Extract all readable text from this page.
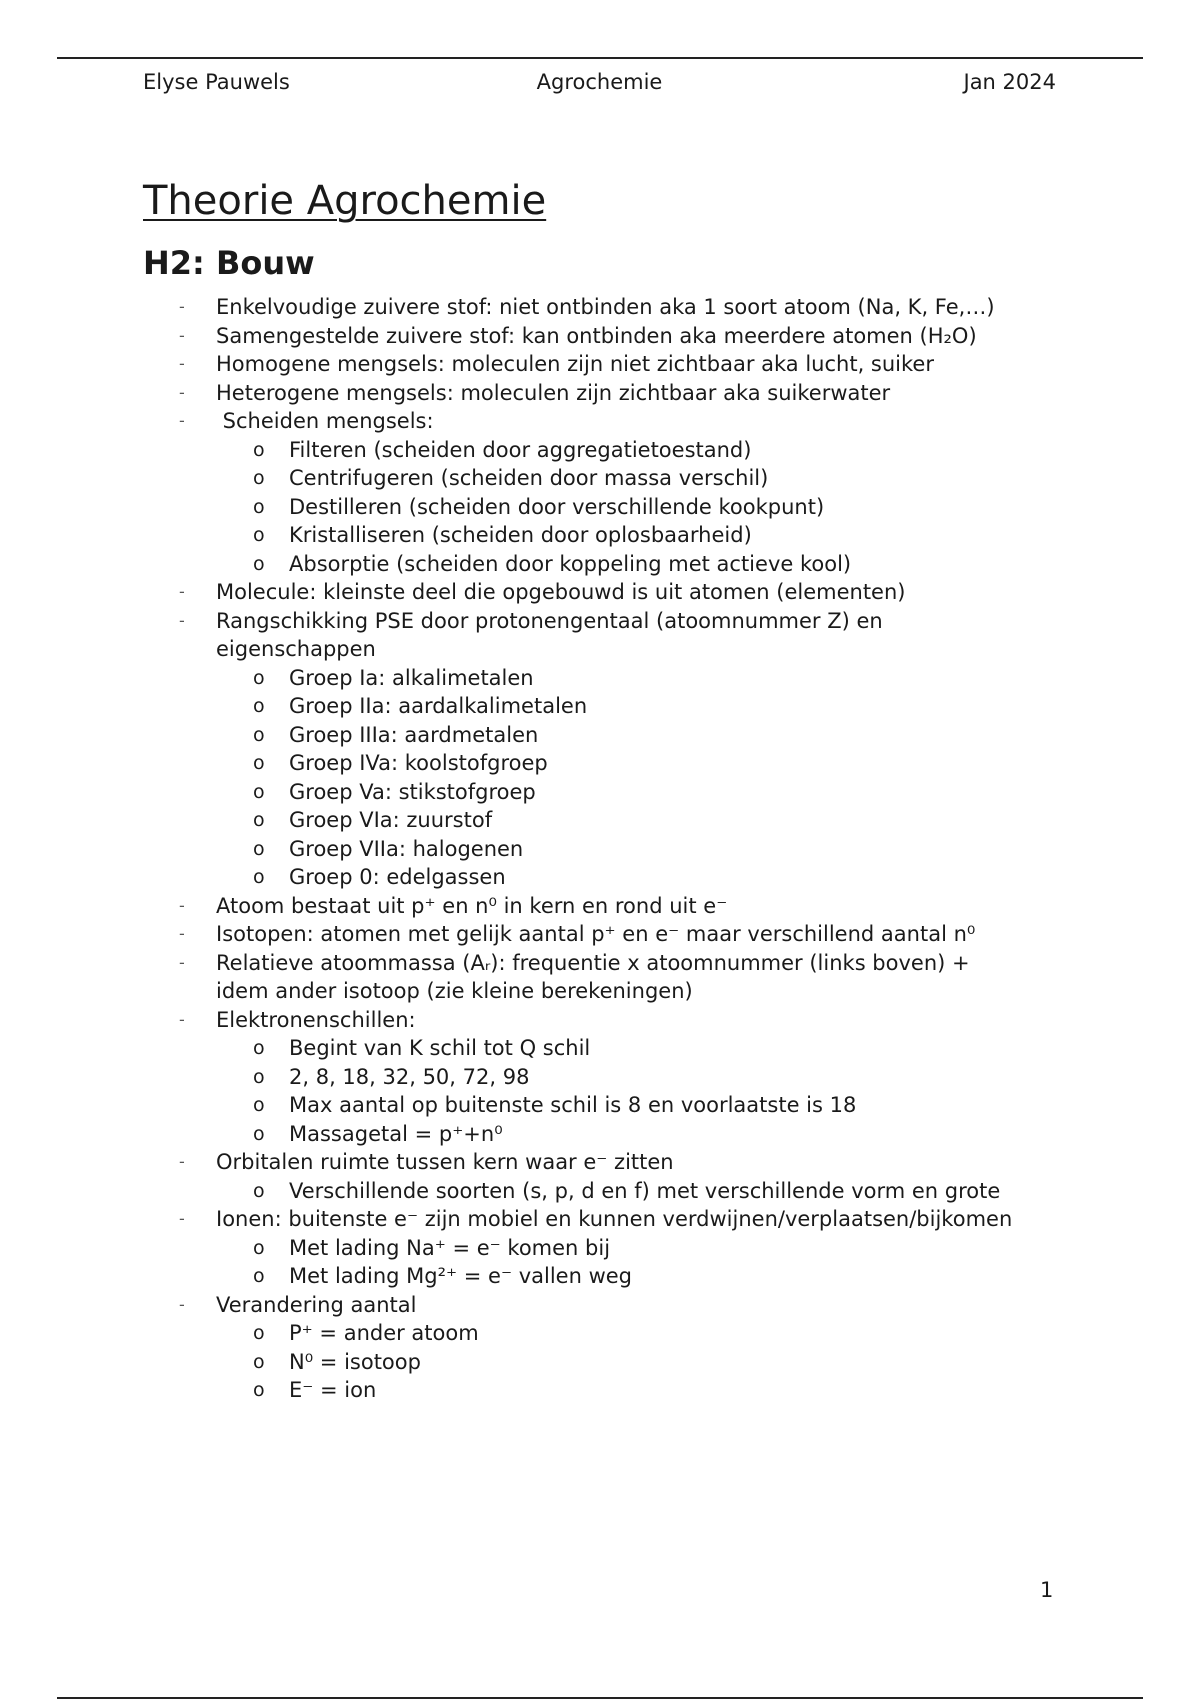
Elyse Pauwels	Agrochemie	Jan 2024
Theorie Agrochemie
H2: Bouw
- Enkelvoudige zuivere stof: niet ontbinden aka 1 soort atoom (Na, K, Fe,…)
- Samengestelde zuivere stof: kan ontbinden aka meerdere atomen (H₂O)
- Homogene mengsels: moleculen zijn niet zichtbaar aka lucht, suiker
- Heterogene mengsels: moleculen zijn zichtbaar aka suikerwater
- Scheiden mengsels:
o Filteren (scheiden door aggregatietoestand)
o Centrifugeren (scheiden door massa verschil)
o Destilleren (scheiden door verschillende kookpunt)
o Kristalliseren (scheiden door oplosbaarheid)
o Absorptie (scheiden door koppeling met actieve kool)
- Molecule: kleinste deel die opgebouwd is uit atomen (elementen)
- Rangschikking PSE door protonengentaal (atoomnummer Z) en
eigenschappen
o Groep Ia: alkalimetalen
o Groep IIa: aardalkalimetalen
o Groep IIIa: aardmetalen
o Groep IVa: koolstofgroep
o Groep Va: stikstofgroep
o Groep VIa: zuurstof
o Groep VIIa: halogenen
o Groep 0: edelgassen
- Atoom bestaat uit p⁺ en n⁰ in kern en rond uit e⁻
- Isotopen: atomen met gelijk aantal p⁺ en e⁻ maar verschillend aantal n⁰
- Relatieve atoommassa (Aᵣ): frequentie x atoomnummer (links boven) +
idem ander isotoop (zie kleine berekeningen)
- Elektronenschillen:
o Begint van K schil tot Q schil
o 2, 8, 18, 32, 50, 72, 98
o Max aantal op buitenste schil is 8 en voorlaatste is 18
o Massagetal = p⁺+n⁰
- Orbitalen ruimte tussen kern waar e⁻ zitten
o Verschillende soorten (s, p, d en f) met verschillende vorm en grote
- Ionen: buitenste e⁻ zijn mobiel en kunnen verdwijnen/verplaatsen/bijkomen
o Met lading Na⁺ = e⁻ komen bij
o Met lading Mg²⁺ = e⁻ vallen weg
- Verandering aantal
o P⁺ = ander atoom
o N⁰ = isotoop
o E⁻ = ion
1
